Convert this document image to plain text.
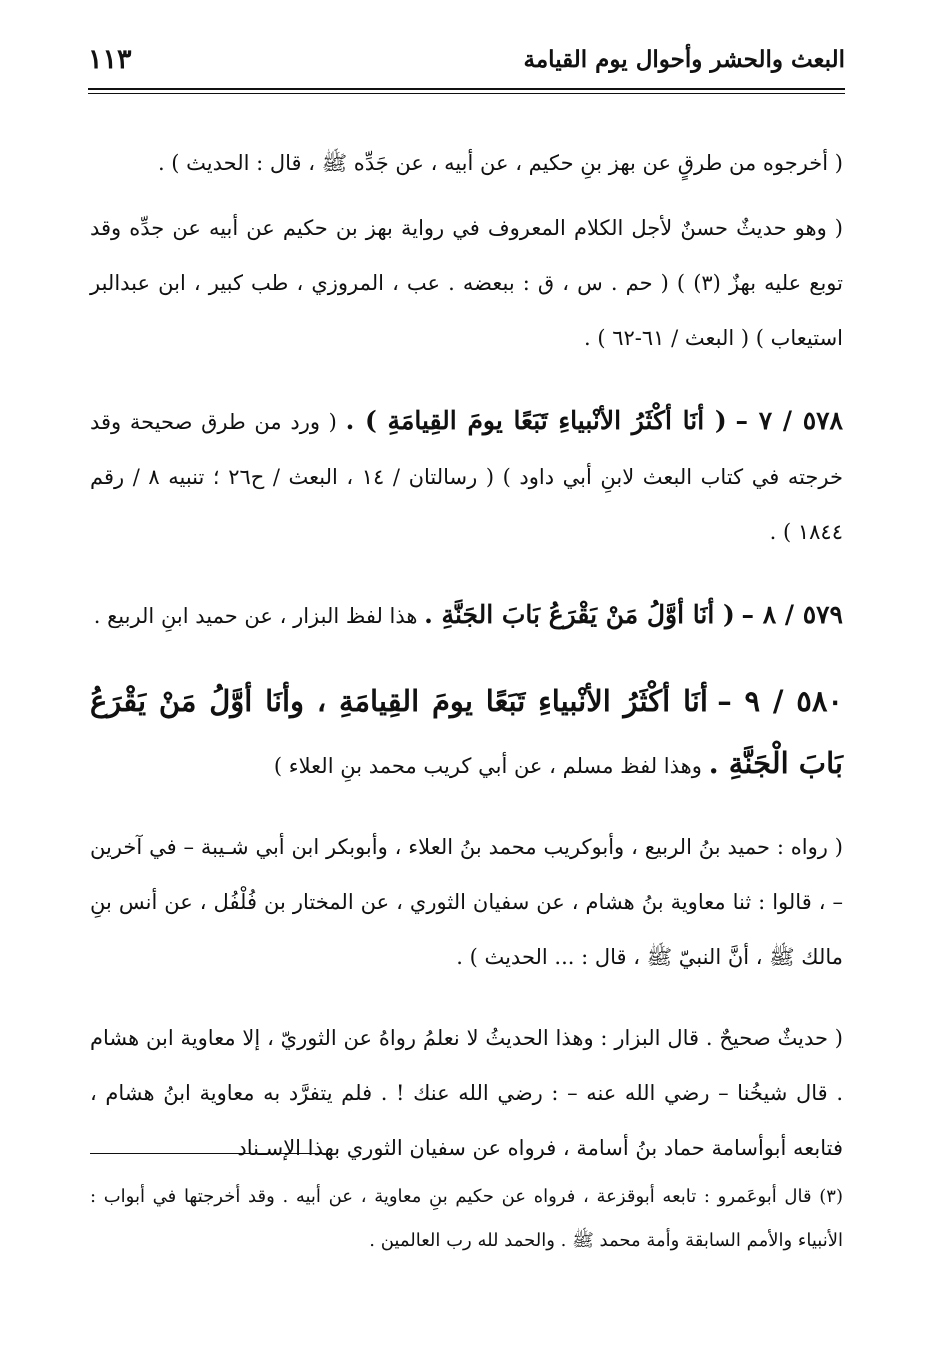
البعث والحشر وأحوال يوم القيامة
١١٣

( أخرجوه من طرقٍ عن بهز بنِ حكيم ، عن أبيه ، عن جَدِّه ﷺ ، قال : الحديث ) .

( وهو حديثٌ حسنٌ لأجل الكلام المعروف في رواية بهز بن حكيم عن أبيه عن جدِّه وقد توبع عليه بهزٌ (٣) ) ( حم . س ، ق : ببعضه . عب ، المروزي ، طب كبير ، ابن عبدالبر استيعاب ) ( البعث / ٦١-٦٢ ) .

٥٧٨ / ٧ – ( أنَا أكْثَرُ الأنْبياءِ تَبَعًا يومَ القِيامَةِ ) . ( ورد من طرق صحيحة وقد خرجته في كتاب البعث لابنِ أبي داود ) ( رسالتان / ١٤ ، البعث / ح٢٦ ؛ تنبيه ٨ / رقم ١٨٤٤ ) .

٥٧٩ / ٨ – ( أنَا أوَّلُ مَنْ يَقْرَعُ بَابَ الجَنَّةِ . هذا لفظ البزار ، عن حميد ابنِ الربيع .

٥٨٠ / ٩ – أنَا أكْثَرُ الأنْبياءِ تَبَعًا يومَ القِيامَةِ ، وأنَا أوَّلُ مَنْ يَقْرَعُ بَابَ الْجَنَّةِ . وهذا لفظ مسلم ، عن أبي كريب محمد بنِ العلاء )

( رواه : حميد بنُ الربيع ، وأبوكريب محمد بنُ العلاء ، وأبوبكر ابن أبي شـيبة – في آخرين – ، قالوا : ثنا معاوية بنُ هشام ، عن سفيان الثوري ، عن المختار بن فُلْفُل ، عن أنس بنِ مالك ﷺ ، أنَّ النبيّ ﷺ ، قال : ... الحديث ) .

( حديثٌ صحيحٌ . قال البزار : وهذا الحديثُ لا نعلمُ رواهُ عن الثوريّ ، إلا معاوية ابن هشام . قال شيخُنا – رضي الله عنه – : رضي الله عنك ! . فلم يتفرَّد به معاوية ابنُ هشام ، فتابعه أبوأسامة حماد بنُ أسامة ، فرواه عن سفيان الثوري بهذا الإسـناد

(٣) قال أبوعَمرو : تابعه أبوقزعة ، فرواه عن حكيم بنِ معاوية ، عن أبيه . وقد أخرجتها في أبواب : الأنبياء والأمم السابقة وأمة محمد ﷺ . والحمد لله رب العالمين .
